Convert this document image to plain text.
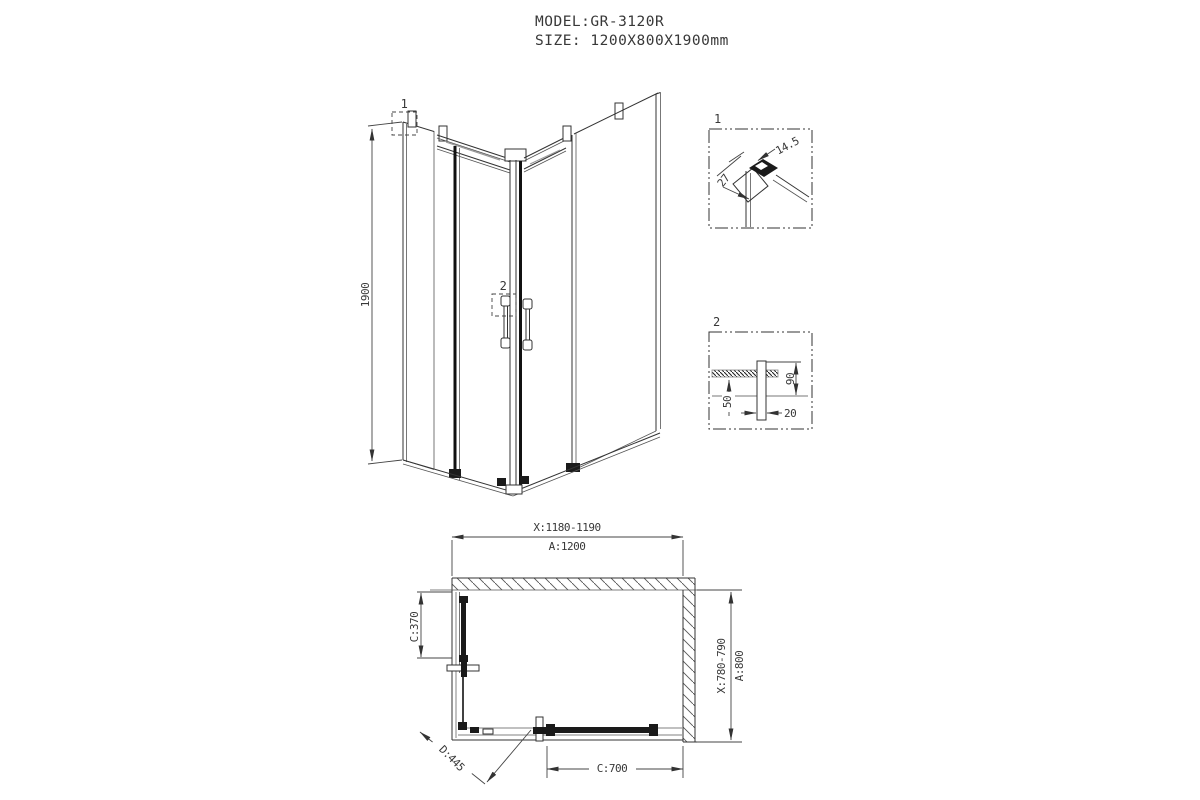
MODEL:GR-3120R
SIZE: 1200X800X1900mm
1900
1
2
1
14.5
27
2
90
50
20
X:1180-1190
A:1200
C:370
X:780-790 A:800
C:700
D:445
